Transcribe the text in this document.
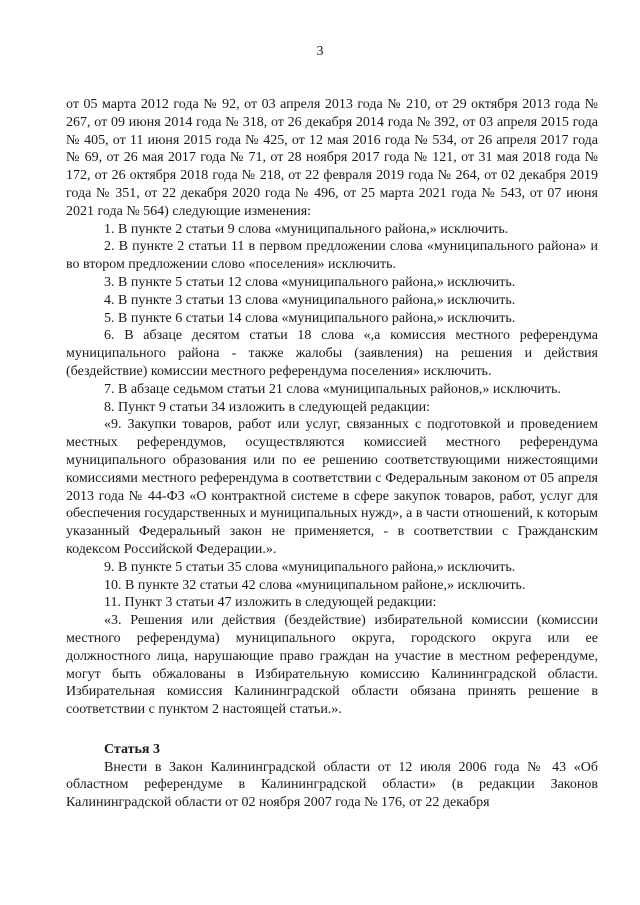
3

от 05 марта 2012 года № 92, от 03 апреля 2013 года № 210, от 29 октября 2013 года № 267, от 09 июня 2014 года № 318, от 26 декабря 2014 года № 392, от 03 апреля 2015 года № 405, от 11 июня 2015 года № 425, от 12 мая 2016 года № 534, от 26 апреля 2017 года № 69, от 26 мая 2017 года № 71, от 28 ноября 2017 года № 121, от 31 мая 2018 года № 172, от 26 октября 2018 года № 218, от 22 февраля 2019 года № 264, от 02 декабря 2019 года № 351, от 22 декабря 2020 года № 496, от 25 марта 2021 года № 543, от 07 июня 2021 года № 564) следующие изменения:

1. В пункте 2 статьи 9 слова «муниципального района,» исключить.

2. В пункте 2 статьи 11 в первом предложении слова «муниципального района» и во втором предложении слово «поселения» исключить.

3. В пункте 5 статьи 12 слова «муниципального района,» исключить.

4. В пункте 3 статьи 13 слова «муниципального района,» исключить.

5. В пункте 6 статьи 14 слова «муниципального района,» исключить.

6. В абзаце десятом статьи 18 слова «,а комиссия местного референдума муниципального района - также жалобы (заявления) на решения и действия (бездействие) комиссии местного референдума поселения» исключить.

7. В абзаце седьмом статьи 21 слова «муниципальных районов,» исключить.

8. Пункт 9 статьи 34 изложить в следующей редакции:

«9. Закупки товаров, работ или услуг, связанных с подготовкой и проведением местных референдумов, осуществляются комиссией местного референдума муниципального образования или по ее решению соответствующими нижестоящими комиссиями местного референдума в соответствии с Федеральным законом от 05 апреля 2013 года № 44-ФЗ «О контрактной системе в сфере закупок товаров, работ, услуг для обеспечения государственных и муниципальных нужд», а в части отношений, к которым указанный Федеральный закон не применяется, - в соответствии с Гражданским кодексом Российской Федерации.».

9. В пункте 5 статьи 35 слова «муниципального района,» исключить.

10. В пункте 32 статьи 42 слова «муниципальном районе,» исключить.

11. Пункт 3 статьи 47 изложить в следующей редакции:

«3. Решения или действия (бездействие) избирательной комиссии (комиссии местного референдума) муниципального округа, городского округа или ее должностного лица, нарушающие право граждан на участие в местном референдуме, могут быть обжалованы в Избирательную комиссию Калининградской области. Избирательная комиссия Калининградской области обязана принять решение в соответствии с пунктом 2 настоящей статьи.».

Статья 3

Внести в Закон Калининградской области от 12 июля 2006 года № 43 «Об областном референдуме в Калининградской области» (в редакции Законов Калининградской области от 02 ноября 2007 года № 176, от 22 декабря
